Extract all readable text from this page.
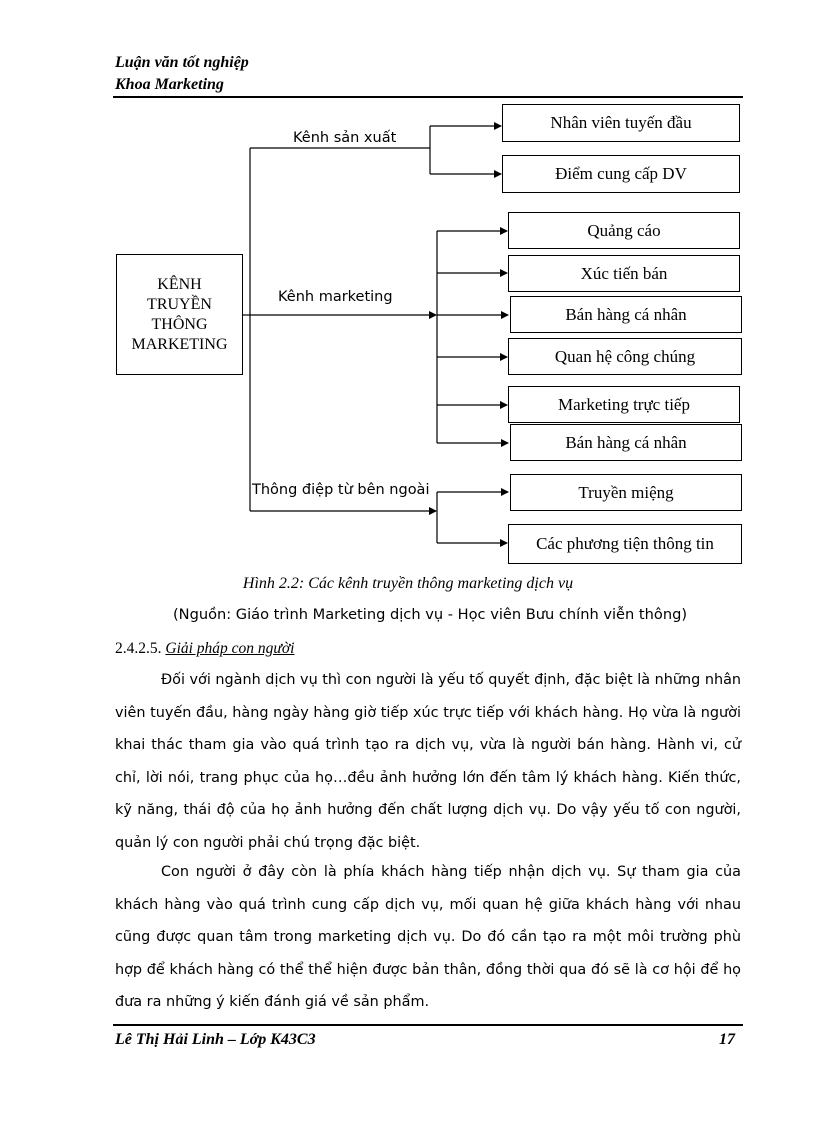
Luận văn tốt nghiệp
Khoa Marketing
KÊNH
TRUYỀN
THÔNG
MARKETING
Kênh sản xuất
Kênh marketing
Thông điệp từ bên ngoài
Nhân viên tuyến đầu
Điểm cung cấp DV
Quảng cáo
Xúc tiến bán
Bán hàng cá nhân
Quan hệ công chúng
Marketing trực tiếp
Bán hàng cá nhân
Truyền miệng
Các phương tiện thông tin
Hình 2.2: Các kênh truyền thông marketing dịch vụ
(Nguồn: Giáo trình Marketing dịch vụ - Học viên Bưu chính viễn thông)
2.4.2.5. Giải pháp con người
Đối với ngành dịch vụ thì con người là yếu tố quyết định, đặc biệt là những nhân viên tuyến đầu, hàng ngày hàng giờ tiếp xúc trực tiếp với khách hàng. Họ vừa là người khai thác tham gia vào quá trình tạo ra dịch vụ, vừa là người bán hàng. Hành vi, cử chỉ, lời nói, trang phục của họ…đều ảnh hưởng lớn đến tâm lý khách hàng. Kiến thức, kỹ năng, thái độ của họ ảnh hưởng đến chất lượng dịch vụ. Do vậy yếu tố con người, quản lý con người phải chú trọng đặc biệt.
Con người ở đây còn là phía khách hàng tiếp nhận dịch vụ. Sự tham gia của khách hàng vào quá trình cung cấp dịch vụ, mối quan hệ giữa khách hàng với nhau cũng được quan tâm trong marketing dịch vụ. Do đó cần tạo ra một môi trường phù hợp để khách hàng có thể thể hiện được bản thân, đồng thời qua đó sẽ là cơ hội để họ đưa ra những ý kiến đánh giá về sản phẩm.
Lê Thị Hải Linh – Lớp K43C3	17
